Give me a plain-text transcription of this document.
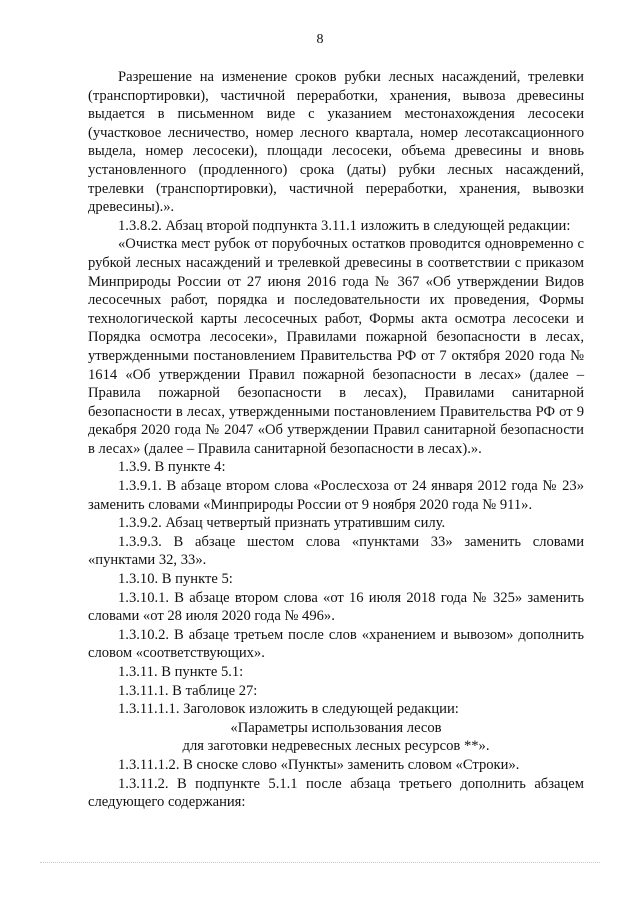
8

Разрешение на изменение сроков рубки лесных насаждений, трелевки (транспортировки), частичной переработки, хранения, вывоза древесины выдается в письменном виде с указанием местонахождения лесосеки (участковое лесничество, номер лесного квартала, номер лесотаксационного выдела, номер лесосеки), площади лесосеки, объема древесины и вновь установленного (продленного) срока (даты) рубки лесных насаждений, трелевки (транспортировки), частичной переработки, хранения, вывозки древесины).».

1.3.8.2. Абзац второй подпункта 3.11.1 изложить в следующей редакции:

«Очистка мест рубок от порубочных остатков проводится одновременно с рубкой лесных насаждений и трелевкой древесины в соответствии с приказом Минприроды России от 27 июня 2016 года № 367 «Об утверждении Видов лесосечных работ, порядка и последовательности их проведения, Формы технологической карты лесосечных работ, Формы акта осмотра лесосеки и Порядка осмотра лесосеки», Правилами пожарной безопасности в лесах, утвержденными постановлением Правительства РФ от 7 октября 2020 года № 1614 «Об утверждении Правил пожарной безопасности в лесах» (далее – Правила пожарной безопасности в лесах), Правилами санитарной безопасности в лесах, утвержденными постановлением Правительства РФ от 9 декабря 2020 года № 2047 «Об утверждении Правил санитарной безопасности в лесах» (далее – Правила санитарной безопасности в лесах).».

1.3.9. В пункте 4:

1.3.9.1. В абзаце втором слова «Рослесхоза от 24 января 2012 года № 23» заменить словами «Минприроды России от 9 ноября 2020 года № 911».

1.3.9.2. Абзац четвертый признать утратившим силу.

1.3.9.3. В абзаце шестом слова «пунктами 33» заменить словами «пунктами 32, 33».

1.3.10. В пункте 5:

1.3.10.1. В абзаце втором слова «от 16 июля 2018 года № 325» заменить словами «от 28 июля 2020 года № 496».

1.3.10.2. В абзаце третьем после слов «хранением и вывозом» дополнить словом «соответствующих».

1.3.11. В пункте 5.1:

1.3.11.1. В таблице 27:

1.3.11.1.1. Заголовок изложить в следующей редакции:

«Параметры использования лесов

для заготовки недревесных лесных ресурсов **».

1.3.11.1.2. В сноске слово «Пункты» заменить словом «Строки».

1.3.11.2. В подпункте 5.1.1 после абзаца третьего дополнить абзацем следующего содержания:
